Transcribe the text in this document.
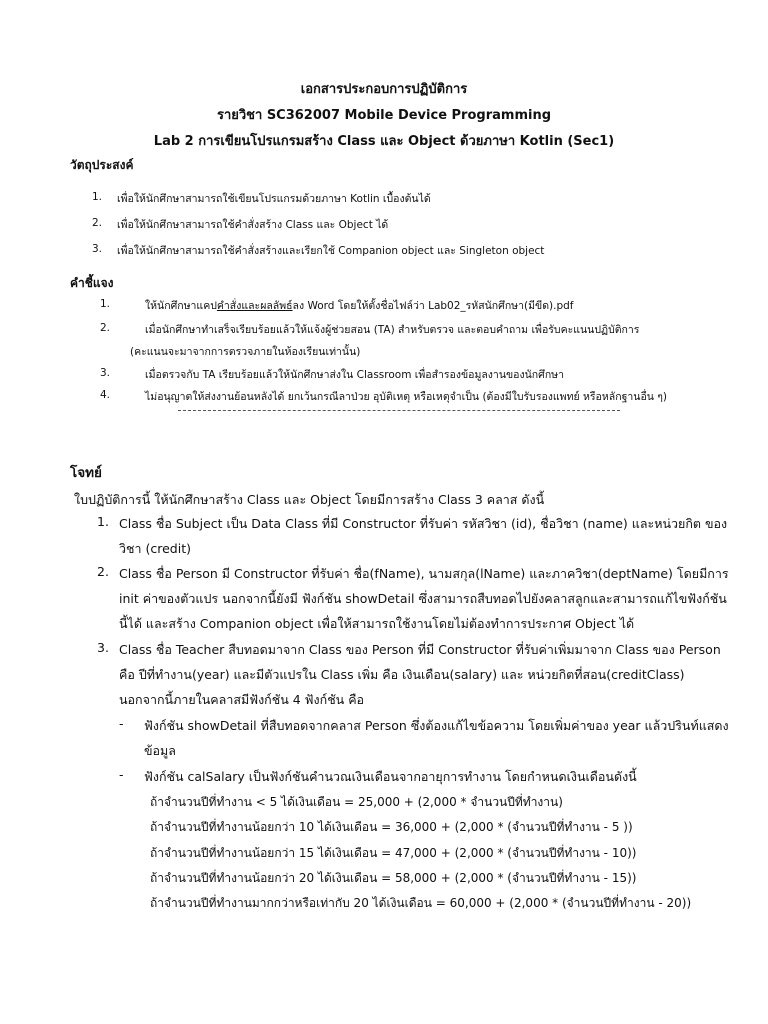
เอกสารประกอบการปฏิบัติการ
รายวิชา SC362007 Mobile Device Programming
Lab 2 การเขียนโปรแกรมสร้าง Class และ Object ด้วยภาษา Kotlin (Sec1)
วัตถุประสงค์
1. เพื่อให้นักศึกษาสามารถใช้เขียนโปรแกรมด้วยภาษา Kotlin เบื้องต้นได้
2. เพื่อให้นักศึกษาสามารถใช้คำสั่งสร้าง Class และ Object ได้
3. เพื่อให้นักศึกษาสามารถใช้คำสั่งสร้างและเรียกใช้ Companion object และ Singleton object
คำชี้แจง
1.	ให้นักศึกษาแคปคำสั่งและผลลัพธ์ลง Word โดยให้ตั้งชื่อไฟล์ว่า Lab02_รหัสนักศึกษา(มีขีด).pdf
2.	เมื่อนักศึกษาทำเสร็จเรียบร้อยแล้วให้แจ้งผู้ช่วยสอน (TA) สำหรับตรวจ และตอบคำถาม เพื่อรับคะแนนปฏิบัติการ
(คะแนนจะมาจากการตรวจภายในห้องเรียนเท่านั้น)
3.	เมื่อตรวจกับ TA เรียบร้อยแล้วให้นักศึกษาส่งใน Classroom เพื่อสำรองข้อมูลงานของนักศึกษา
4.	ไม่อนุญาตให้ส่งงานย้อนหลังได้ ยกเว้นกรณีลาป่วย อุบัติเหตุ หรือเหตุจำเป็น (ต้องมีใบรับรองแพทย์ หรือหลักฐานอื่น ๆ)
โจทย์
ใบปฏิบัติการนี้ ให้นักศึกษาสร้าง Class และ Object โดยมีการสร้าง Class 3 คลาส ดังนี้
1. Class ชื่อ Subject เป็น Data Class ที่มี Constructor ที่รับค่า รหัสวิชา (id), ชื่อวิชา (name) และหน่วยกิต ของ
วิชา (credit)
2. Class ชื่อ Person มี Constructor ที่รับค่า ชื่อ(fName), นามสกุล(lName) และภาควิชา(deptName) โดยมีการ
init ค่าของตัวแปร นอกจากนี้ยังมี ฟังก์ชัน showDetail ซึ่งสามารถสืบทอดไปยังคลาสลูกและสามารถแก้ไขฟังก์ชัน
นี้ได้ และสร้าง Companion object เพื่อให้สามารถใช้งานโดยไม่ต้องทำการประกาศ Object ได้
3. Class ชื่อ Teacher สืบทอดมาจาก Class ของ Person ที่มี Constructor ที่รับค่าเพิ่มมาจาก Class ของ Person
คือ ปีที่ทำงาน(year) และมีตัวแปรใน Class เพิ่ม คือ เงินเดือน(salary) และ หน่วยกิตที่สอน(creditClass)
นอกจากนี้ภายในคลาสมีฟังก์ชัน 4 ฟังก์ชัน คือ
- ฟังก์ชัน showDetail ที่สืบทอดจากคลาส Person ซึ่งต้องแก้ไขข้อความ โดยเพิ่มค่าของ year แล้วปรินท์แสดง
ข้อมูล
- ฟังก์ชัน calSalary เป็นฟังก์ชันคำนวณเงินเดือนจากอายุการทำงาน โดยกำหนดเงินเดือนดังนี้
ถ้าจำนวนปีที่ทำงาน < 5 ได้เงินเดือน = 25,000 + (2,000 * จำนวนปีที่ทำงาน)
ถ้าจำนวนปีที่ทำงานน้อยกว่า 10 ได้เงินเดือน = 36,000 + (2,000 * (จำนวนปีที่ทำงาน - 5 ))
ถ้าจำนวนปีที่ทำงานน้อยกว่า 15 ได้เงินเดือน = 47,000 + (2,000 * (จำนวนปีที่ทำงาน - 10))
ถ้าจำนวนปีที่ทำงานน้อยกว่า 20 ได้เงินเดือน = 58,000 + (2,000 * (จำนวนปีที่ทำงาน - 15))
ถ้าจำนวนปีที่ทำงานมากกว่าหรือเท่ากับ 20 ได้เงินเดือน = 60,000 + (2,000 * (จำนวนปีที่ทำงาน - 20))
